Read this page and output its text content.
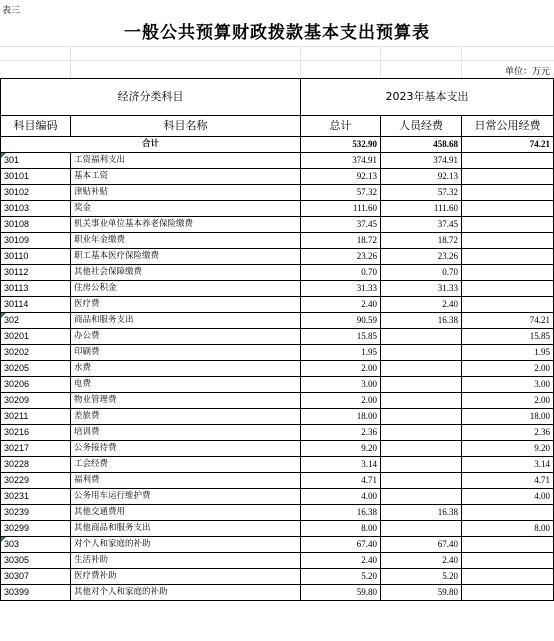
表三
一般公共预算财政拨款基本支出预算表
单位：万元
经济分类科目		2023年基本支出		
科目编码	科目名称	总计	人员经费	日常公用经费
合计		532.90	458.68	74.21
301	工资福利支出	374.91	374.91	
30101	基本工资	92.13	92.13	
30102	津贴补贴	57.32	57.32	
30103	奖金	111.60	111.60	
30108	机关事业单位基本养老保险缴费	37.45	37.45	
30109	职业年金缴费	18.72	18.72	
30110	职工基本医疗保险缴费	23.26	23.26	
30112	其他社会保障缴费	0.70	0.70	
30113	住房公积金	31.33	31.33	
30114	医疗费	2.40	2.40	
302	商品和服务支出	90.59	16.38	74.21
30201	办公费	15.85		15.85
30202	印刷费	1.95		1.95
30205	水费	2.00		2.00
30206	电费	3.00		3.00
30209	物业管理费	2.00		2.00
30211	差旅费	18.00		18.00
30216	培训费	2.36		2.36
30217	公务接待费	9.20		9.20
30228	工会经费	3.14		3.14
30229	福利费	4.71		4.71
30231	公务用车运行维护费	4.00		4.00
30239	其他交通费用	16.38	16.38	
30299	其他商品和服务支出	8.00		8.00
303	对个人和家庭的补助	67.40	67.40	
30305	生活补助	2.40	2.40	
30307	医疗费补助	5.20	5.20	
30399	其他对个人和家庭的补助	59.80	59.80	
